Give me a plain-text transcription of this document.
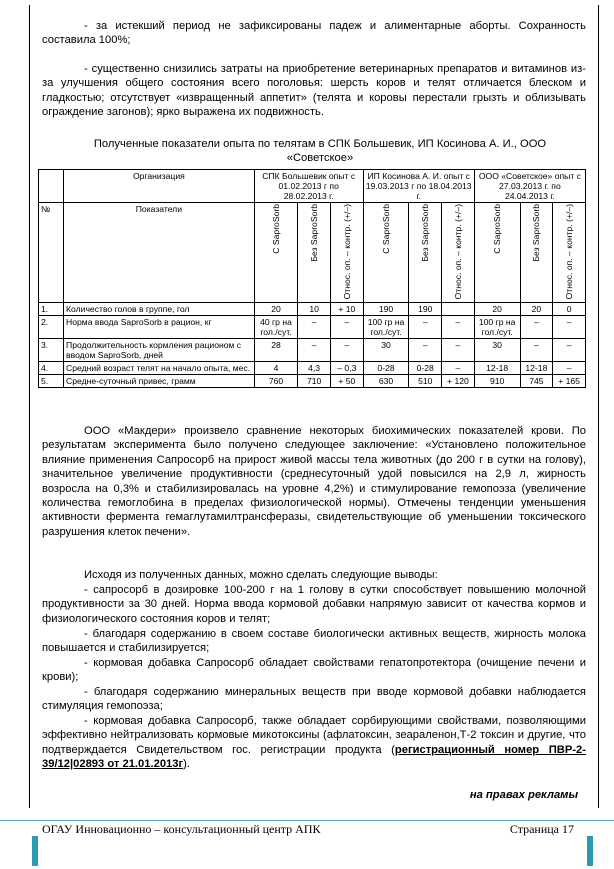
- за истекший период не зафиксированы падеж и алиментарные аборты. Сохранность составила 100%;

- существенно снизились затраты на приобретение ветеринарных препаратов и витаминов из-за улучшения общего состояния всего поголовья: шерсть коров и телят отличается блеском и гладкостью; отсутствует «извращенный аппетит» (телята и коровы перестали грызть и облизывать ограждение загонов); ярко выражена их подвижность.

Полученные показатели опыта по телятам в СПК Большевик, ИП Косинова А. И., ООО «Советское»

	Организация	СПК Большевик опыт с 01.02.2013 г по 28.02.2013 г.			ИП Косинова А. И. опыт с 19.03.2013 г по 18.04.2013 г.			ООО «Советское» опыт с 27.03.2013 г. по 24.04.2013 г.		
№	Показатели	С SaproSorb	Без SaproSorb	Относ. оп. – контр. (+/–)	С SaproSorb	Без SaproSorb	Относ. оп. – контр. (+/–)	С SaproSorb	Без SaproSorb	Относ. оп. – контр. (+/–)
1.	Количество голов в группе, гол	20	10	+ 10	190	190		20	20	0
2.	Норма ввода SaproSorb в рацион, кг	40 гр на гол./сут.	–	–	100 гр на гол./сут.	–	–	100 гр на гол./сут.	–	–
3.	Продолжительность кормления рационом с вводом SaproSorb, дней	28	–	–	30	–	–	30	–	–
4.	Средний возраст телят на начало опыта, мес.	4	4,3	– 0,3	0-28	0-28	–	12-18	12-18	–
5.	Средне-суточный привес, грамм	760	710	+ 50	630	510	+ 120	910	745	+ 165

ООО «Макдери» произвело сравнение некоторых биохимических показателей крови. По результатам эксперимента было получено следующее заключение: «Установлено положительное влияние применения Сапросорб на прирост живой массы тела животных (до 200 г в сутки на голову), значительное увеличение продуктивности (среднесуточный удой повысился на 2,9 л, жирность возросла на 0,3% и стабилизировалась на уровне 4,2%) и стимулирование гемопоэза (увеличение количества гемоглобина в пределах физиологической нормы). Отмечены тенденции уменьшения активности фермента гемаглутамилтрансферазы, свидетельствующие об уменьшении токсического разрушения клеток печени».

Исходя из полученных данных, можно сделать следующие выводы:

- сапросорб в дозировке 100-200 г на 1 голову в сутки способствует повышению молочной продуктивности за 30 дней. Норма ввода кормовой добавки напрямую зависит от качества кормов и физиологического состояния коров и телят;

- благодаря содержанию в своем составе биологически активных веществ, жирность молока повышается и стабилизируется;

- кормовая добавка Сапросорб обладает свойствами гепатопротектора (очищение печени и крови);

- благодаря содержанию минеральных веществ при вводе кормовой добавки наблюдается стимуляция гемопоэза;

- кормовая добавка Сапросорб, также обладает сорбирующими свойствами, позволяющими эффективно нейтрализовать кормовые микотоксины (афлатоксин, зеараленон,Т-2 токсин и другие, что подтверждается Свидетельством гос. регистрации продукта (регистрационный номер ПВР-2-39/12|02893 от 21.01.2013г).

на правах рекламы

ОГАУ Инновационно – консультационный центр АПК	Страница 17
